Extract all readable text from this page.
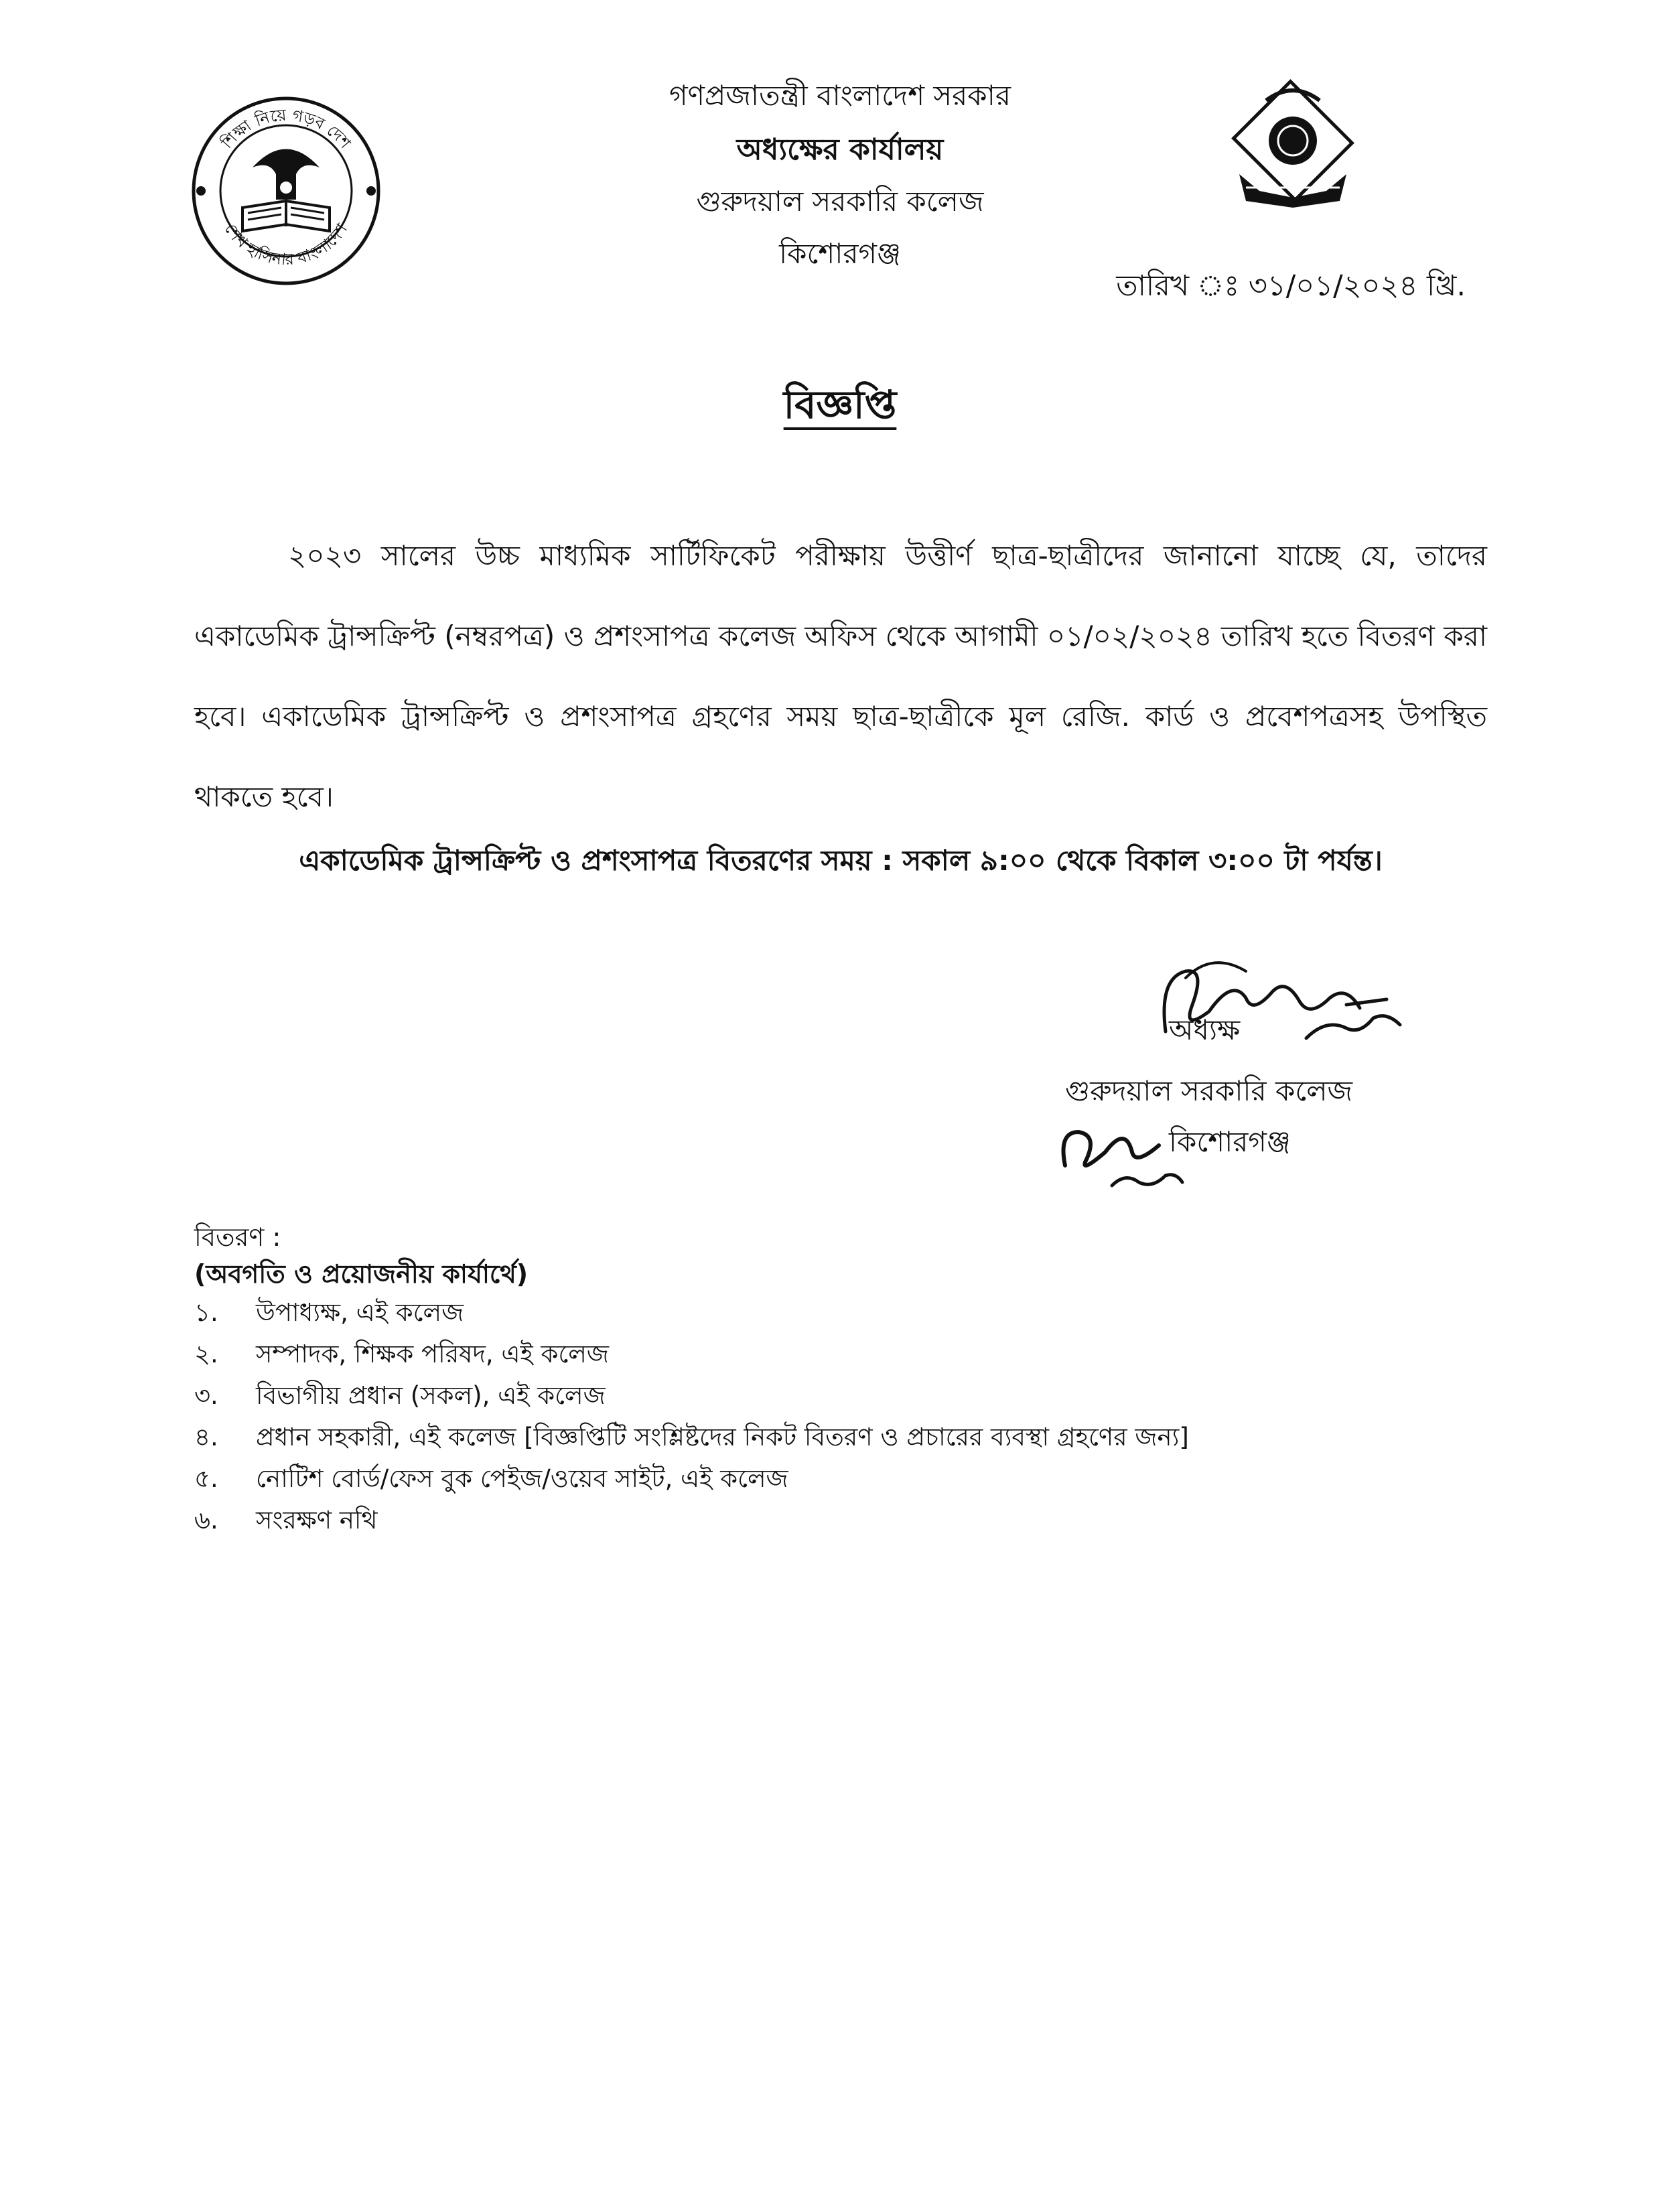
শিক্ষা নিয়ে গড়ব দেশ
শেখ হাসিনার বাংলাদেশ
গণপ্রজাতন্ত্রী বাংলাদেশ সরকার
অধ্যক্ষের কার্যালয়
গুরুদয়াল সরকারি কলেজ
কিশোরগঞ্জ
তারিখ ঃ ৩১/০১/২০২৪ খ্রি.
বিজ্ঞপ্তি
২০২৩ সালের উচ্চ মাধ্যমিক সার্টিফিকেট পরীক্ষায় উত্তীর্ণ ছাত্র-ছাত্রীদের জানানো যাচ্ছে যে, তাদের একাডেমিক ট্রান্সক্রিপ্ট (নম্বরপত্র) ও প্রশংসাপত্র কলেজ অফিস থেকে আগামী ০১/০২/২০২৪ তারিখ হতে বিতরণ করা হবে। একাডেমিক ট্রান্সক্রিপ্ট ও প্রশংসাপত্র গ্রহণের সময় ছাত্র-ছাত্রীকে মূল রেজি. কার্ড ও প্রবেশপত্রসহ উপস্থিত থাকতে হবে।
একাডেমিক ট্রান্সক্রিপ্ট ও প্রশংসাপত্র বিতরণের সময় : সকাল ৯:০০ থেকে বিকাল ৩:০০ টা পর্যন্ত।
অধ্যক্ষ
গুরুদয়াল সরকারি কলেজ
কিশোরগঞ্জ
বিতরণ :
(অবগতি ও প্রয়োজনীয় কার্যার্থে)
১. উপাধ্যক্ষ, এই কলেজ
২. সম্পাদক, শিক্ষক পরিষদ, এই কলেজ
৩. বিভাগীয় প্রধান (সকল), এই কলেজ
৪. প্রধান সহকারী, এই কলেজ [বিজ্ঞপ্তিটি সংশ্লিষ্টদের নিকট বিতরণ ও প্রচারের ব্যবস্থা গ্রহণের জন্য]
৫. নোটিশ বোর্ড/ফেস বুক পেইজ/ওয়েব সাইট, এই কলেজ
৬. সংরক্ষণ নথি
